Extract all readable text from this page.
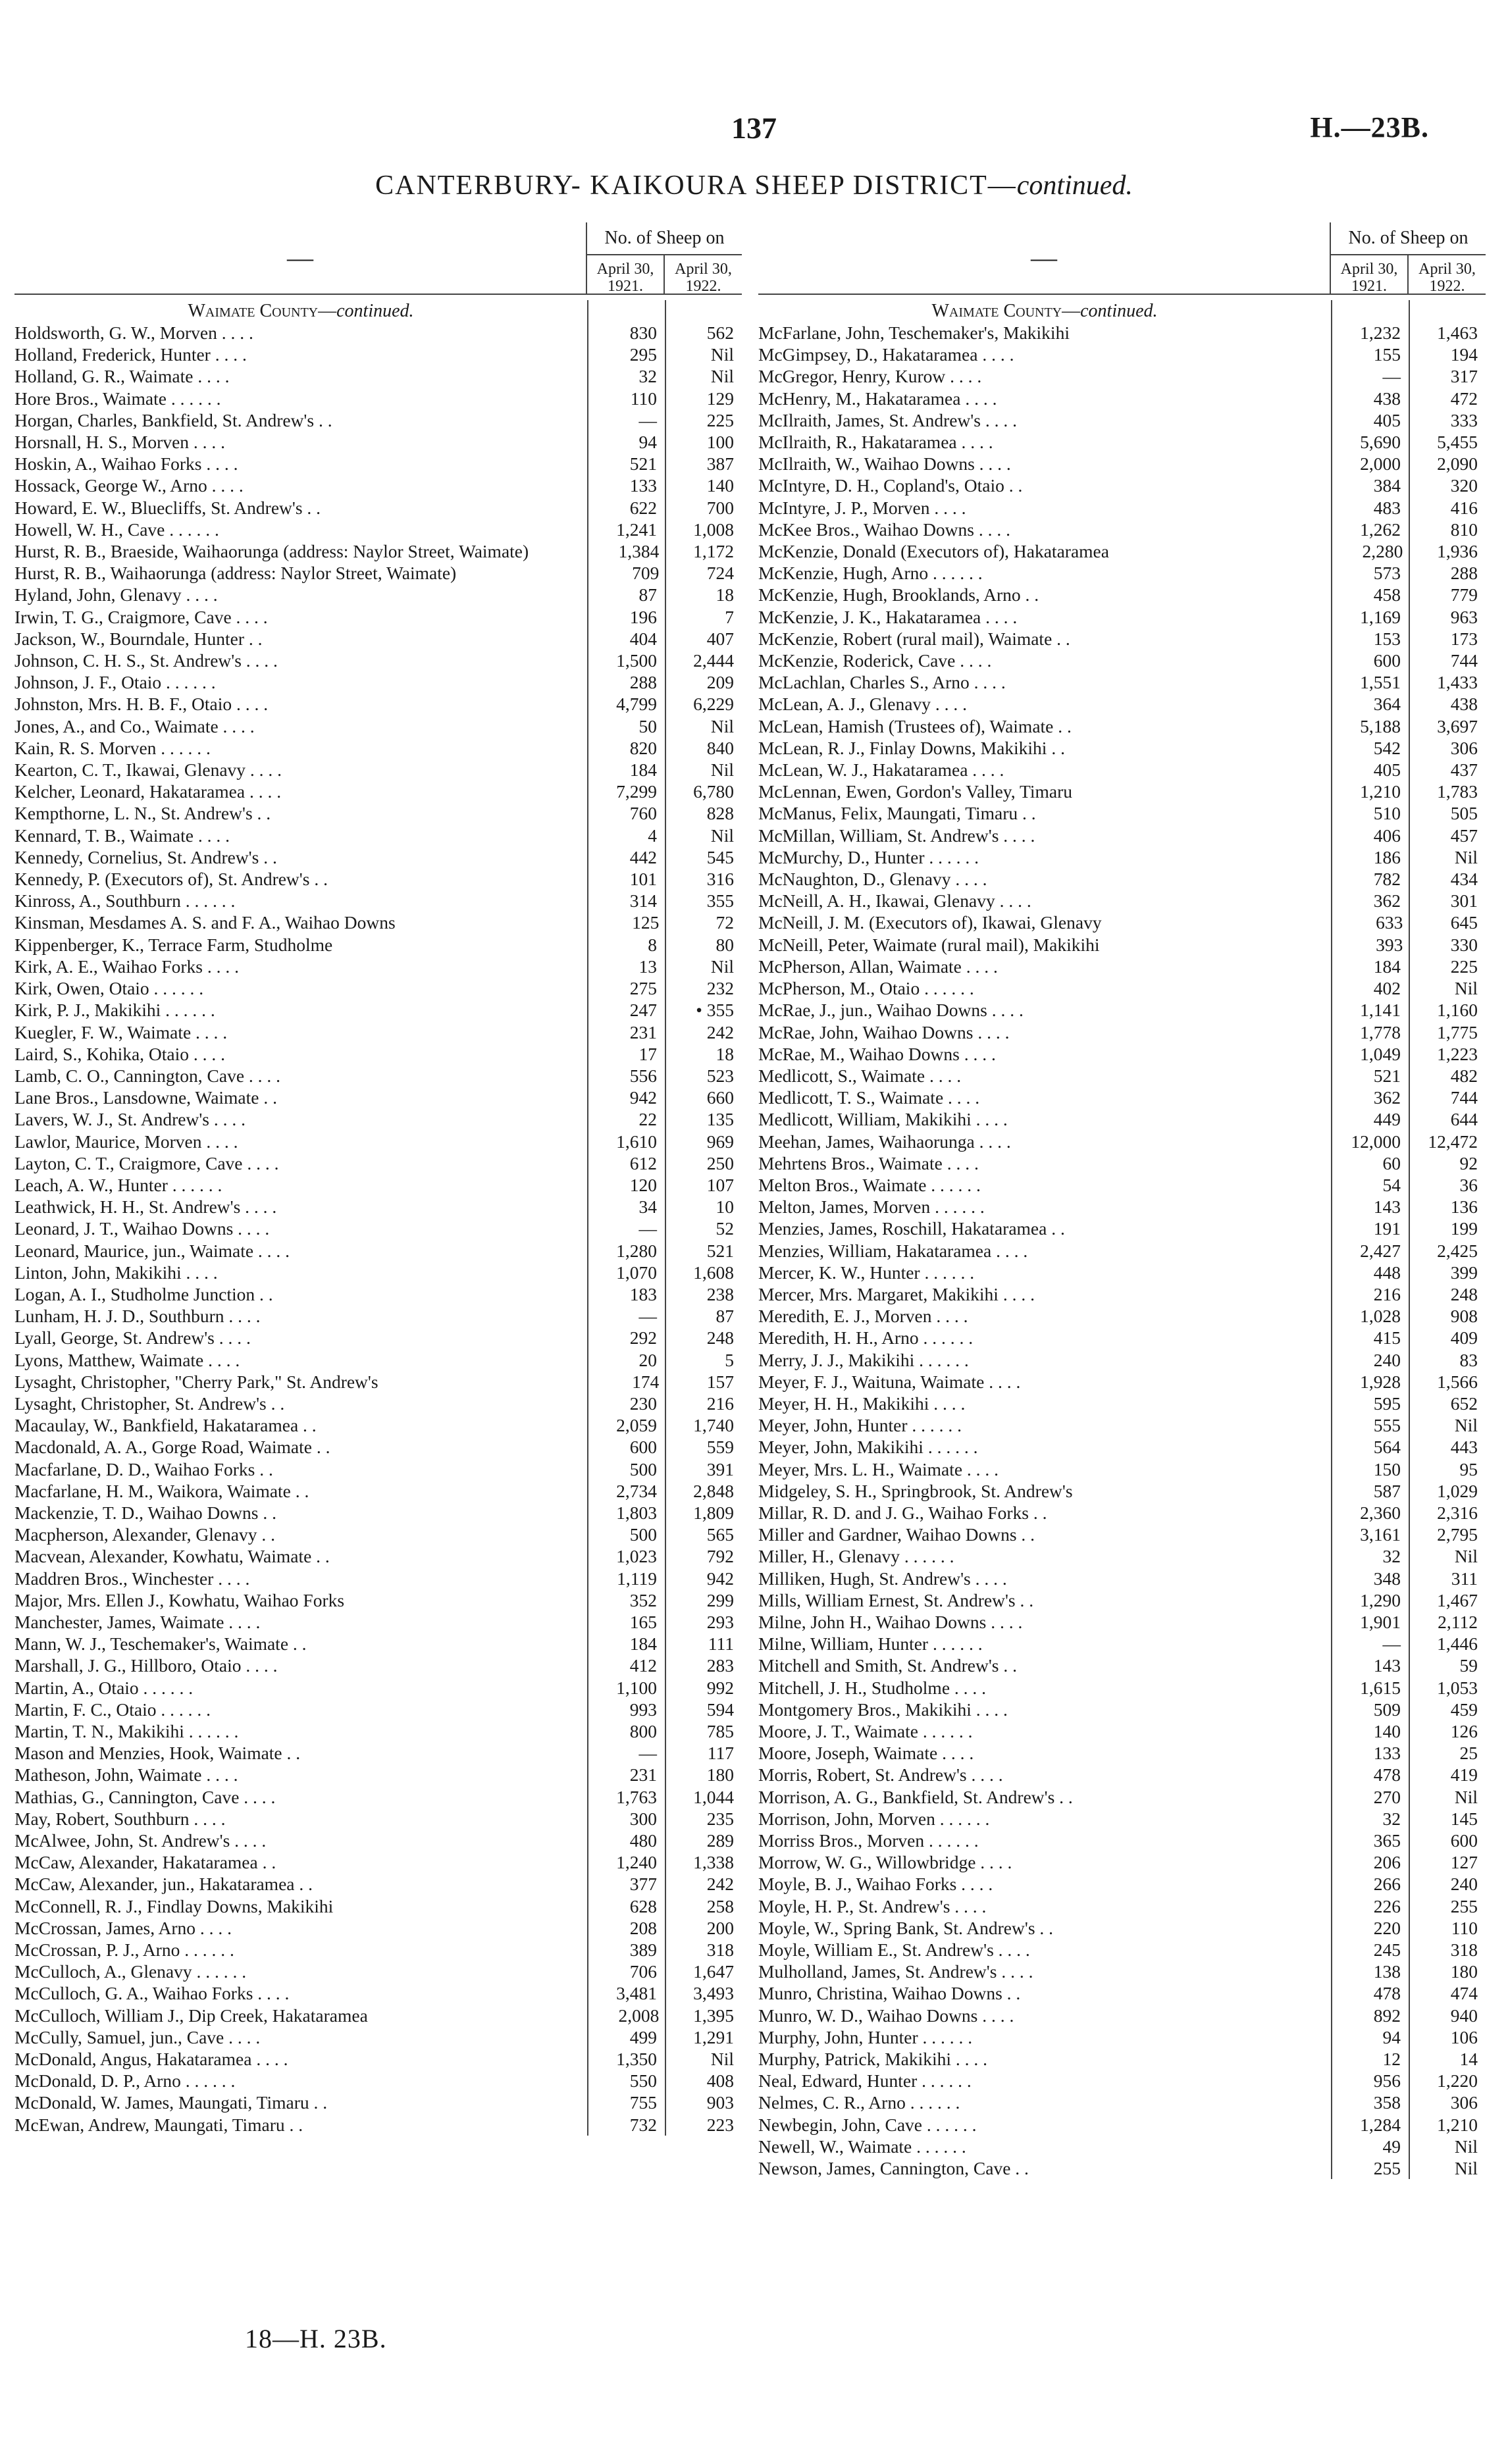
137	H.—23B.
CANTERBURY- KAIKOURA SHEEP DISTRICT—continued.
—
No. of Sheep on
April 30,
1921.
April 30,
1922.
Waimate County—continued.
Holdsworth, G. W., Morven . . . .	830	562
Holland, Frederick, Hunter . . . .	295	Nil
Holland, G. R., Waimate . . . .	32	Nil
Hore Bros., Waimate . . . . . .	110	129
Horgan, Charles, Bankfield, St. Andrew's . .	—	225
Horsnall, H. S., Morven . . . .	94	100
Hoskin, A., Waihao Forks . . . .	521	387
Hossack, George W., Arno . . . .	133	140
Howard, E. W., Bluecliffs, St. Andrew's . .	622	700
Howell, W. H., Cave . . . . . .	1,241	1,008
Hurst, R. B., Braeside, Waihaorunga (address: Naylor Street, Waimate)	1,384	1,172
Hurst, R. B., Waihaorunga (address: Naylor Street, Waimate)	709	724
Hyland, John, Glenavy . . . .	87	18
Irwin, T. G., Craigmore, Cave . . . .	196	7
Jackson, W., Bourndale, Hunter . .	404	407
Johnson, C. H. S., St. Andrew's . . . .	1,500	2,444
Johnson, J. F., Otaio . . . . . .	288	209
Johnston, Mrs. H. B. F., Otaio . . . .	4,799	6,229
Jones, A., and Co., Waimate . . . .	50	Nil
Kain, R. S. Morven . . . . . .	820	840
Kearton, C. T., Ikawai, Glenavy . . . .	184	Nil
Kelcher, Leonard, Hakataramea . . . .	7,299	6,780
Kempthorne, L. N., St. Andrew's . .	760	828
Kennard, T. B., Waimate . . . .	4	Nil
Kennedy, Cornelius, St. Andrew's . .	442	545
Kennedy, P. (Executors of), St. Andrew's . .	101	316
Kinross, A., Southburn . . . . . .	314	355
Kinsman, Mesdames A. S. and F. A., Waihao Downs	125	72
Kippenberger, K., Terrace Farm, Studholme	8	80
Kirk, A. E., Waihao Forks . . . .	13	Nil
Kirk, Owen, Otaio . . . . . .	275	232
Kirk, P. J., Makikihi . . . . . .	247	• 355
Kuegler, F. W., Waimate . . . .	231	242
Laird, S., Kohika, Otaio . . . .	17	18
Lamb, C. O., Cannington, Cave . . . .	556	523
Lane Bros., Lansdowne, Waimate . .	942	660
Lavers, W. J., St. Andrew's . . . .	22	135
Lawlor, Maurice, Morven . . . .	1,610	969
Layton, C. T., Craigmore, Cave . . . .	612	250
Leach, A. W., Hunter . . . . . .	120	107
Leathwick, H. H., St. Andrew's . . . .	34	10
Leonard, J. T., Waihao Downs . . . .	—	52
Leonard, Maurice, jun., Waimate . . . .	1,280	521
Linton, John, Makikihi . . . .	1,070	1,608
Logan, A. I., Studholme Junction . .	183	238
Lunham, H. J. D., Southburn . . . .	—	87
Lyall, George, St. Andrew's . . . .	292	248
Lyons, Matthew, Waimate . . . .	20	5
Lysaght, Christopher, "Cherry Park," St. Andrew's	174	157
Lysaght, Christopher, St. Andrew's . .	230	216
Macaulay, W., Bankfield, Hakataramea . .	2,059	1,740
Macdonald, A. A., Gorge Road, Waimate . .	600	559
Macfarlane, D. D., Waihao Forks . .	500	391
Macfarlane, H. M., Waikora, Waimate . .	2,734	2,848
Mackenzie, T. D., Waihao Downs . .	1,803	1,809
Macpherson, Alexander, Glenavy . .	500	565
Macvean, Alexander, Kowhatu, Waimate . .	1,023	792
Maddren Bros., Winchester . . . .	1,119	942
Major, Mrs. Ellen J., Kowhatu, Waihao Forks	352	299
Manchester, James, Waimate . . . .	165	293
Mann, W. J., Teschemaker's, Waimate . .	184	111
Marshall, J. G., Hillboro, Otaio . . . .	412	283
Martin, A., Otaio . . . . . .	1,100	992
Martin, F. C., Otaio . . . . . .	993	594
Martin, T. N., Makikihi . . . . . .	800	785
Mason and Menzies, Hook, Waimate . .	—	117
Matheson, John, Waimate . . . .	231	180
Mathias, G., Cannington, Cave . . . .	1,763	1,044
May, Robert, Southburn . . . .	300	235
McAlwee, John, St. Andrew's . . . .	480	289
McCaw, Alexander, Hakataramea . .	1,240	1,338
McCaw, Alexander, jun., Hakataramea . .	377	242
McConnell, R. J., Findlay Downs, Makikihi	628	258
McCrossan, James, Arno . . . .	208	200
McCrossan, P. J., Arno . . . . . .	389	318
McCulloch, A., Glenavy . . . . . .	706	1,647
McCulloch, G. A., Waihao Forks . . . .	3,481	3,493
McCulloch, William J., Dip Creek, Hakataramea	2,008	1,395
McCully, Samuel, jun., Cave . . . .	499	1,291
McDonald, Angus, Hakataramea . . . .	1,350	Nil
McDonald, D. P., Arno . . . . . .	550	408
McDonald, W. James, Maungati, Timaru . .	755	903
McEwan, Andrew, Maungati, Timaru . .	732	223
—
No. of Sheep on
April 30,
1921.
April 30,
1922.
Waimate County—continued.
McFarlane, John, Teschemaker's, Makikihi	1,232	1,463
McGimpsey, D., Hakataramea . . . .	155	194
McGregor, Henry, Kurow . . . .	—	317
McHenry, M., Hakataramea . . . .	438	472
McIlraith, James, St. Andrew's . . . .	405	333
McIlraith, R., Hakataramea . . . .	5,690	5,455
McIlraith, W., Waihao Downs . . . .	2,000	2,090
McIntyre, D. H., Copland's, Otaio . .	384	320
McIntyre, J. P., Morven . . . .	483	416
McKee Bros., Waihao Downs . . . .	1,262	810
McKenzie, Donald (Executors of), Hakataramea	2,280	1,936
McKenzie, Hugh, Arno . . . . . .	573	288
McKenzie, Hugh, Brooklands, Arno . .	458	779
McKenzie, J. K., Hakataramea . . . .	1,169	963
McKenzie, Robert (rural mail), Waimate . .	153	173
McKenzie, Roderick, Cave . . . .	600	744
McLachlan, Charles S., Arno . . . .	1,551	1,433
McLean, A. J., Glenavy . . . .	364	438
McLean, Hamish (Trustees of), Waimate . .	5,188	3,697
McLean, R. J., Finlay Downs, Makikihi . .	542	306
McLean, W. J., Hakataramea . . . .	405	437
McLennan, Ewen, Gordon's Valley, Timaru	1,210	1,783
McManus, Felix, Maungati, Timaru . .	510	505
McMillan, William, St. Andrew's . . . .	406	457
McMurchy, D., Hunter . . . . . .	186	Nil
McNaughton, D., Glenavy . . . .	782	434
McNeill, A. H., Ikawai, Glenavy . . . .	362	301
McNeill, J. M. (Executors of), Ikawai, Glenavy	633	645
McNeill, Peter, Waimate (rural mail), Makikihi	393	330
McPherson, Allan, Waimate . . . .	184	225
McPherson, M., Otaio . . . . . .	402	Nil
McRae, J., jun., Waihao Downs . . . .	1,141	1,160
McRae, John, Waihao Downs . . . .	1,778	1,775
McRae, M., Waihao Downs . . . .	1,049	1,223
Medlicott, S., Waimate . . . .	521	482
Medlicott, T. S., Waimate . . . .	362	744
Medlicott, William, Makikihi . . . .	449	644
Meehan, James, Waihaorunga . . . .	12,000	12,472
Mehrtens Bros., Waimate . . . .	60	92
Melton Bros., Waimate . . . . . .	54	36
Melton, James, Morven . . . . . .	143	136
Menzies, James, Roschill, Hakataramea . .	191	199
Menzies, William, Hakataramea . . . .	2,427	2,425
Mercer, K. W., Hunter . . . . . .	448	399
Mercer, Mrs. Margaret, Makikihi . . . .	216	248
Meredith, E. J., Morven . . . .	1,028	908
Meredith, H. H., Arno . . . . . .	415	409
Merry, J. J., Makikihi . . . . . .	240	83
Meyer, F. J., Waituna, Waimate . . . .	1,928	1,566
Meyer, H. H., Makikihi . . . .	595	652
Meyer, John, Hunter . . . . . .	555	Nil
Meyer, John, Makikihi . . . . . .	564	443
Meyer, Mrs. L. H., Waimate . . . .	150	95
Midgeley, S. H., Springbrook, St. Andrew's	587	1,029
Millar, R. D. and J. G., Waihao Forks . .	2,360	2,316
Miller and Gardner, Waihao Downs . .	3,161	2,795
Miller, H., Glenavy . . . . . .	32	Nil
Milliken, Hugh, St. Andrew's . . . .	348	311
Mills, William Ernest, St. Andrew's . .	1,290	1,467
Milne, John H., Waihao Downs . . . .	1,901	2,112
Milne, William, Hunter . . . . . .	—	1,446
Mitchell and Smith, St. Andrew's . .	143	59
Mitchell, J. H., Studholme . . . .	1,615	1,053
Montgomery Bros., Makikihi . . . .	509	459
Moore, J. T., Waimate . . . . . .	140	126
Moore, Joseph, Waimate . . . .	133	25
Morris, Robert, St. Andrew's . . . .	478	419
Morrison, A. G., Bankfield, St. Andrew's . .	270	Nil
Morrison, John, Morven . . . . . .	32	145
Morriss Bros., Morven . . . . . .	365	600
Morrow, W. G., Willowbridge . . . .	206	127
Moyle, B. J., Waihao Forks . . . .	266	240
Moyle, H. P., St. Andrew's . . . .	226	255
Moyle, W., Spring Bank, St. Andrew's . .	220	110
Moyle, William E., St. Andrew's . . . .	245	318
Mulholland, James, St. Andrew's . . . .	138	180
Munro, Christina, Waihao Downs . .	478	474
Munro, W. D., Waihao Downs . . . .	892	940
Murphy, John, Hunter . . . . . .	94	106
Murphy, Patrick, Makikihi . . . .	12	14
Neal, Edward, Hunter . . . . . .	956	1,220
Nelmes, C. R., Arno . . . . . .	358	306
Newbegin, John, Cave . . . . . .	1,284	1,210
Newell, W., Waimate . . . . . .	49	Nil
Newson, James, Cannington, Cave . .	255	Nil
18—H. 23B.
